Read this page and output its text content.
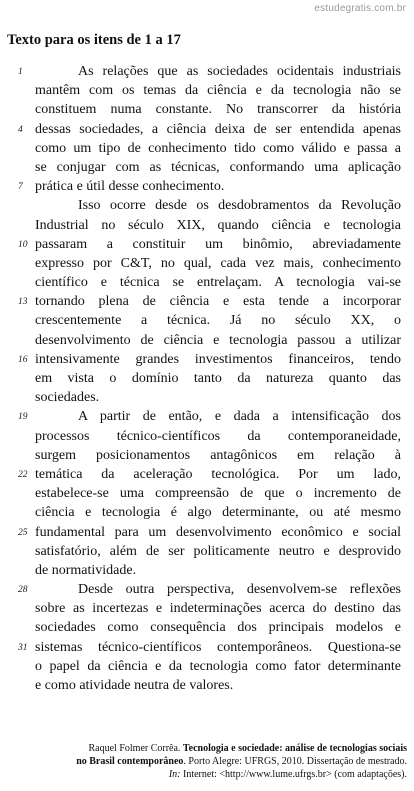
estudegratis.com.br
Texto para os itens de 1 a 17
1	As relações que as sociedades ocidentais industriais
mantêm com os temas da ciência e da tecnologia não se
constituem numa constante. No transcorrer da história
4 dessas sociedades, a ciência deixa de ser entendida apenas
como um tipo de conhecimento tido como válido e passa a
se conjugar com as técnicas, conformando uma aplicação
7 prática e útil desse conhecimento.
Isso ocorre desde os desdobramentos da Revolução
Industrial no século XIX, quando ciência e tecnologia
10 passaram a constituir um binômio, abreviadamente
expresso por C&T, no qual, cada vez mais, conhecimento
científico e técnica se entrelaçam. A tecnologia vai-se
13 tornando plena de ciência e esta tende a incorporar
crescentemente a técnica. Já no século XX, o
desenvolvimento de ciência e tecnologia passou a utilizar
16 intensivamente grandes investimentos financeiros, tendo
em vista o domínio tanto da natureza quanto das
sociedades.
19	A partir de então, e dada a intensificação dos
processos técnico-científicos da contemporaneidade,
surgem posicionamentos antagônicos em relação à
22 temática da aceleração tecnológica. Por um lado,
estabelece-se uma compreensão de que o incremento de
ciência e tecnologia é algo determinante, ou até mesmo
25 fundamental para um desenvolvimento econômico e social
satisfatório, além de ser politicamente neutro e desprovido
de normatividade.
28	Desde outra perspectiva, desenvolvem-se reflexões
sobre as incertezas e indeterminações acerca do destino das
sociedades como consequência dos principais modelos e
31 sistemas técnico-científicos contemporâneos. Questiona-se
o papel da ciência e da tecnologia como fator determinante
e como atividade neutra de valores.
Raquel Folmer Corrêa. Tecnologia e sociedade: análise de tecnologias sociais
no Brasil contemporâneo. Porto Alegre: UFRGS, 2010. Dissertação de mestrado.
In: Internet: <http://www.lume.ufrgs.br> (com adaptações).
